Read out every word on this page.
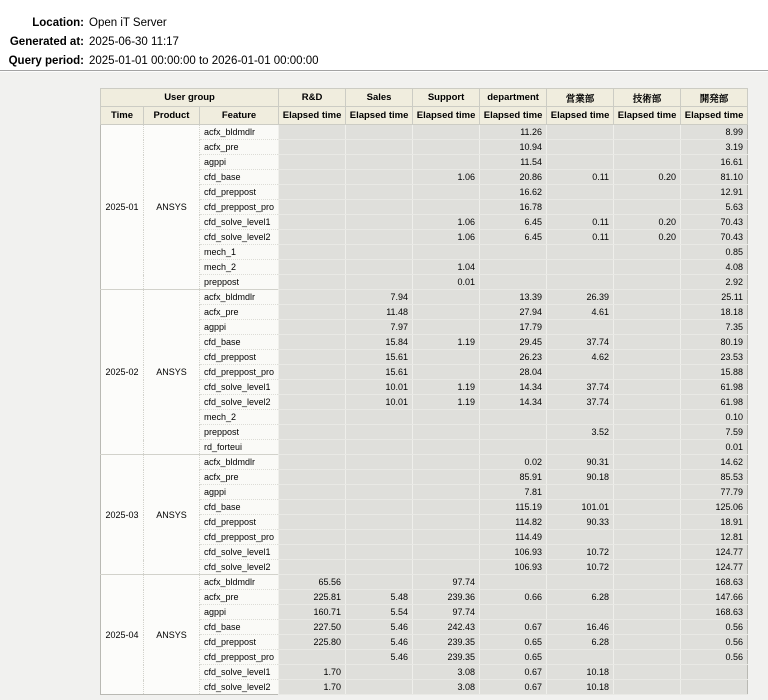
Location: Open iT Server
Generated at: 2025-06-30 11:17
Query period: 2025-01-01 00:00:00 to 2026-01-01 00:00:00
User group			R&D	Sales	Support	department	営業部	技術部	開発部
Time	Product	Feature	Elapsed time	Elapsed time	Elapsed time	Elapsed time	Elapsed time	Elapsed time	Elapsed time
2025-01	ANSYS	acfx_bldmdlr				11.26			8.99
		acfx_pre				10.94			3.19
		agppi				11.54			16.61
		cfd_base			1.06	20.86	0.11	0.20	81.10
		cfd_preppost				16.62			12.91
		cfd_preppost_pro				16.78			5.63
		cfd_solve_level1			1.06	6.45	0.11	0.20	70.43
		cfd_solve_level2			1.06	6.45	0.11	0.20	70.43
		mech_1							0.85
		mech_2			1.04				4.08
		preppost			0.01				2.92
2025-02	ANSYS	acfx_bldmdlr		7.94		13.39	26.39		25.11
		acfx_pre		11.48		27.94	4.61		18.18
		agppi		7.97		17.79			7.35
		cfd_base		15.84	1.19	29.45	37.74		80.19
		cfd_preppost		15.61		26.23	4.62		23.53
		cfd_preppost_pro		15.61		28.04			15.88
		cfd_solve_level1		10.01	1.19	14.34	37.74		61.98
		cfd_solve_level2		10.01	1.19	14.34	37.74		61.98
		mech_2							0.10
		preppost					3.52		7.59
		rd_forteui							0.01
2025-03	ANSYS	acfx_bldmdlr				0.02	90.31		14.62
		acfx_pre				85.91	90.18		85.53
		agppi				7.81			77.79
		cfd_base				115.19	101.01		125.06
		cfd_preppost				114.82	90.33		18.91
		cfd_preppost_pro				114.49			12.81
		cfd_solve_level1				106.93	10.72		124.77
		cfd_solve_level2				106.93	10.72		124.77
2025-04	ANSYS	acfx_bldmdlr	65.56		97.74				168.63
		acfx_pre	225.81	5.48	239.36	0.66	6.28		147.66
		agppi	160.71	5.54	97.74				168.63
		cfd_base	227.50	5.46	242.43	0.67	16.46		0.56
		cfd_preppost	225.80	5.46	239.35	0.65	6.28		0.56
		cfd_preppost_pro		5.46	239.35	0.65			0.56
		cfd_solve_level1	1.70		3.08	0.67	10.18		
		cfd_solve_level2	1.70		3.08	0.67	10.18		
